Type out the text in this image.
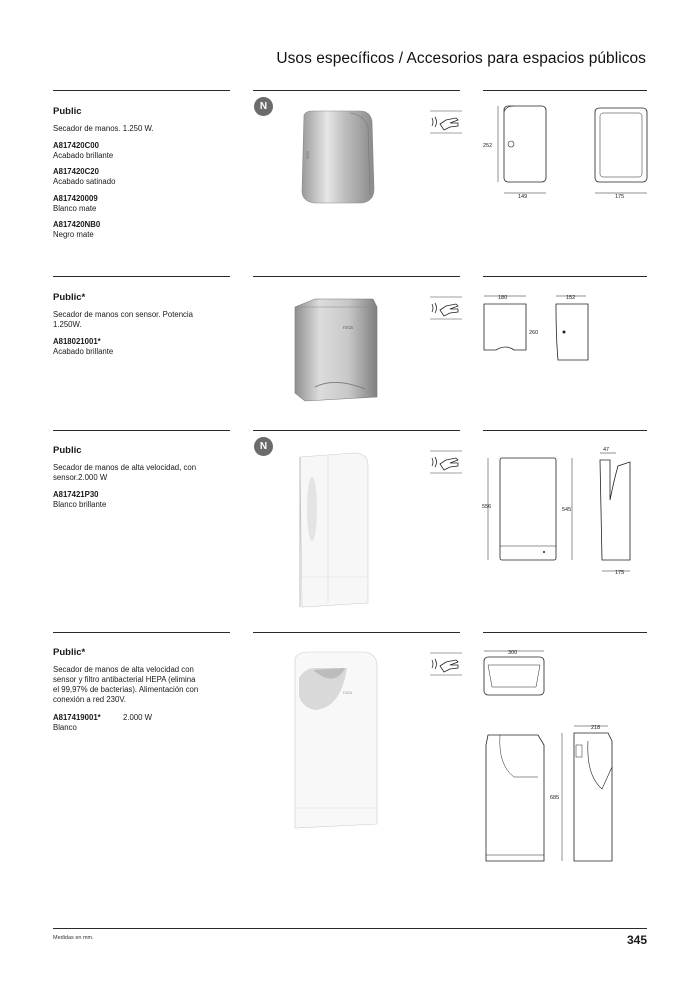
Usos específicos / Accesorios para espacios públicos
Public
Secador de manos. 1.250 W.
A817420C00
Acabado brillante
A817420C20
Acabado satinado
A817420009
Blanco mate
A817420NB0
Negro mate
N
252
149	175
Public*
Secador de manos con sensor. Potencia
1.250W.
A818021001*
Acabado brillante
roca
180	152
260
Public
Secador de manos de alta velocidad, con
sensor.2.000 W
A817421P30
Blanco brillante
N
556	545
47
175
Public*
Secador de manos de alta velocidad con
sensor y filtro antibacterial HEPA (elimina
el 99,97% de bacterias). Alimentación con
conexión a red 230V.
A817419001*	2.000 W
Blanco
roca
300
218
685
Medidas en mm.	345
